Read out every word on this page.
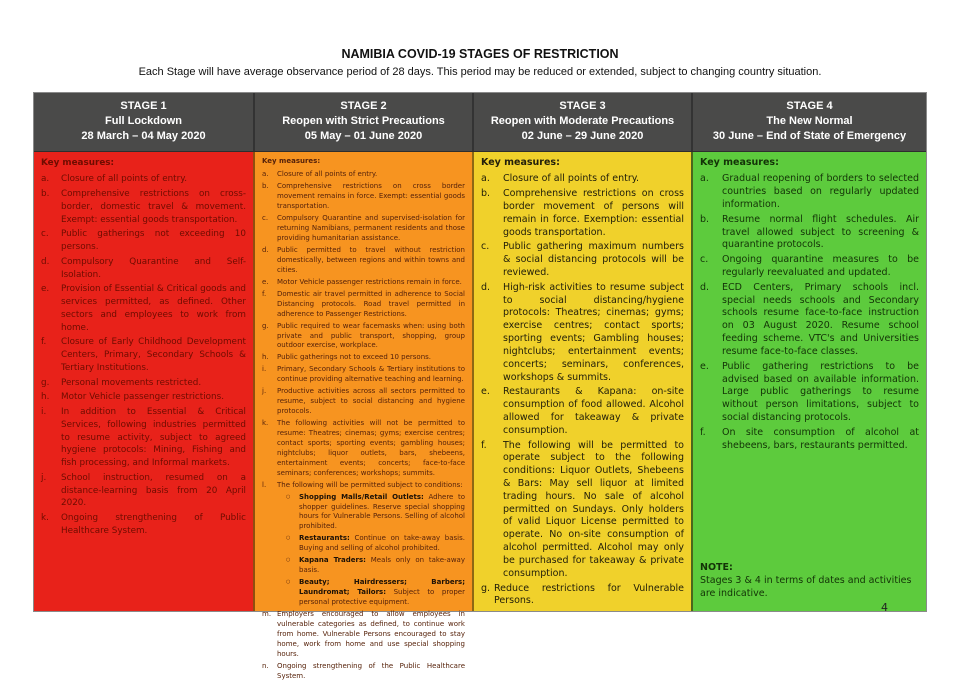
NAMIBIA COVID-19 STAGES OF RESTRICTION
Each Stage will have average observance period of 28 days. This period may be reduced or extended, subject to changing country situation.
STAGE 1
Full Lockdown
28 March – 04 May 2020
STAGE 2
Reopen with Strict Precautions
05 May – 01 June 2020
STAGE 3
Reopen with Moderate Precautions
02 June – 29 June 2020
STAGE 4
The New Normal
30 June – End of State of Emergency
Key measures:
a.	Closure of all points of entry.
b.	Comprehensive restrictions on cross-border, domestic travel & movement. Exempt: essential goods transportation.
c.	Public gatherings not exceeding 10 persons.
d.	Compulsory Quarantine and Self-Isolation.
e.	Provision of Essential & Critical goods and services permitted, as defined. Other sectors and employees to work from home.
f.	Closure of Early Childhood Development Centers, Primary, Secondary Schools & Tertiary Institutions.
g.	Personal movements restricted.
h.	Motor Vehicle passenger restrictions.
i.	In addition to Essential & Critical Services, following industries permitted to resume activity, subject to agreed hygiene protocols: Mining, Fishing and fish processing, and Informal markets.
j.	School instruction, resumed on a distance-learning basis from 20 April 2020.
k.	Ongoing strengthening of Public Healthcare System.
Key measures:
a.	Closure of all points of entry.
b.	Comprehensive restrictions on cross border movement remains in force. Exempt: essential goods transportation.
c.	Compulsory Quarantine and supervised-isolation for returning Namibians, permanent residents and those providing humanitarian assistance.
d.	Public permitted to travel without restriction domestically, between regions and within towns and cities.
e.	Motor Vehicle passenger restrictions remain in force.
f.	Domestic air travel permitted in adherence to Social Distancing protocols. Road travel permitted in adherence to Passenger Restrictions.
g.	Public required to wear facemasks when: using both private and public transport, shopping, group outdoor exercise, workplace.
h.	Public gatherings not to exceed 10 persons.
i.	Primary, Secondary Schools & Tertiary institutions to continue providing alternative teaching and learning.
j.	Productive activities across all sectors permitted to resume, subject to social distancing and hygiene protocols.
k.	The following activities will not be permitted to resume: Theatres; cinemas; gyms; exercise centres; contact sports; sporting events; gambling houses; nightclubs; liquor outlets, bars, shebeens, entertainment events; concerts; face-to-face seminars; conferences; workshops; summits.
l.	The following will be permitted subject to conditions:
○	Shopping Malls/Retail Outlets: Adhere to shopper guidelines. Reserve special shopping hours for Vulnerable Persons. Selling of alcohol prohibited.
○	Restaurants: Continue on take-away basis. Buying and selling of alcohol prohibited.
○	Kapana Traders: Meals only on take-away basis.
○	Beauty; Hairdressers; Barbers; Laundromat; Tailors: Subject to proper personal protective equipment.
m. Employers encouraged to allow employees in vulnerable categories as defined, to continue work from home. Vulnerable Persons encouraged to stay home, work from home and use special shopping hours.
n.	Ongoing strengthening of the Public Healthcare System.
Key measures:
a.	Closure of all points of entry.
b.	Comprehensive restrictions on cross border movement of persons will remain in force. Exemption: essential goods transportation.
c.	Public gathering maximum numbers & social distancing protocols will be reviewed.
d.	High-risk activities to resume subject to social distancing/hygiene protocols: Theatres; cinemas; gyms; exercise centres; contact sports; sporting events; Gambling houses; nightclubs; entertainment events; concerts; seminars, conferences, workshops & summits.
e.	Restaurants & Kapana: on-site consumption of food allowed. Alcohol allowed for takeaway & private consumption.
f.	The following will be permitted to operate subject to the following conditions: Liquor Outlets, Shebeens & Bars: May sell liquor at limited trading hours. No sale of alcohol permitted on Sundays. Only holders of valid Liquor License permitted to operate. No on-site consumption of alcohol permitted. Alcohol may only be purchased for takeaway & private consumption.
g. Reduce restrictions for Vulnerable Persons.
Key measures:
a.	Gradual reopening of borders to selected countries based on regularly updated information.
b.	Resume normal flight schedules. Air travel allowed subject to screening & quarantine protocols.
c.	Ongoing quarantine measures to be regularly reevaluated and updated.
d.	ECD Centers, Primary schools incl. special needs schools and Secondary schools resume face-to-face instruction on 03 August 2020. Resume school feeding scheme. VTC's and Universities resume face-to-face classes.
e.	Public gathering restrictions to be advised based on available information. Large public gatherings to resume without person limitations, subject to social distancing protocols.
f.	On site consumption of alcohol at shebeens, bars, restaurants permitted.
NOTE:
Stages 3 & 4 in terms of dates and activities are indicative.
4
